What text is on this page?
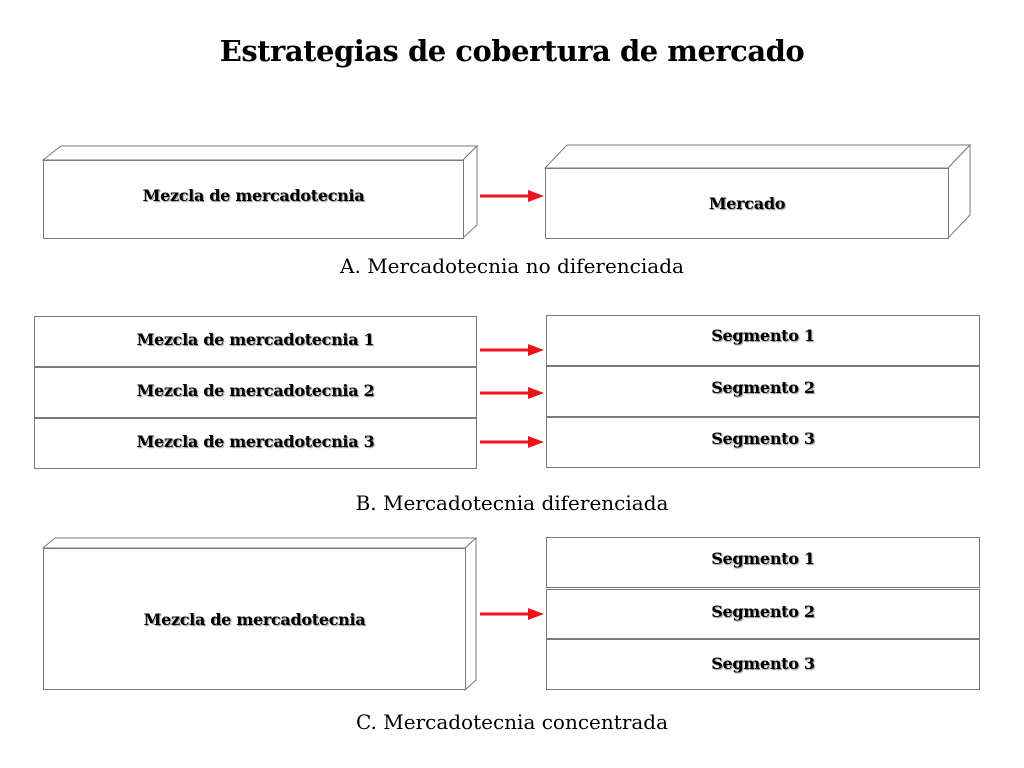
Estrategias de cobertura de mercado
Mezcla de mercadotecnia	Mercado
A. Mercadotecnia no diferenciada
Mezcla de mercadotecnia 1
Mezcla de mercadotecnia 2
Mezcla de mercadotecnia 3
Segmento 1
Segmento 2
Segmento 3
B. Mercadotecnia diferenciada
Mezcla de mercadotecnia
Segmento 1
Segmento 2
Segmento 3
C. Mercadotecnia concentrada
